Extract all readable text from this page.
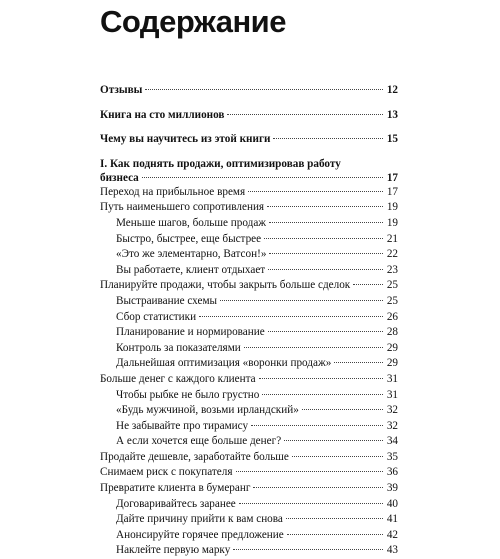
Содержание
Отзывы	12
Книга на сто миллионов	13
Чему вы научитесь из этой книги	15
I. Как поднять продажи, оптимизировав работу
бизнеса	17
Переход на прибыльное время	17
Путь наименьшего сопротивления	19
Меньше шагов, больше продаж	19
Быстро, быстрее, еще быстрее	21
«Это же элементарно, Ватсон!»	22
Вы работаете, клиент отдыхает	23
Планируйте продажи, чтобы закрыть больше сделок	25
Выстраивание схемы	25
Сбор статистики	26
Планирование и нормирование	28
Контроль за показателями	29
Дальнейшая оптимизация «воронки продаж»	29
Больше денег с каждого клиента	31
Чтобы рыбке не было грустно	31
«Будь мужчиной, возьми ирландский»	32
Не забывайте про тирамису	32
А если хочется еще больше денег?	34
Продайте дешевле, заработайте больше	35
Снимаем риск с покупателя	36
Превратите клиента в бумеранг	39
Договаривайтесь заранее	40
Дайте причину прийти к вам снова	41
Анонсируйте горячее предложение	42
Наклейте первую марку	43
